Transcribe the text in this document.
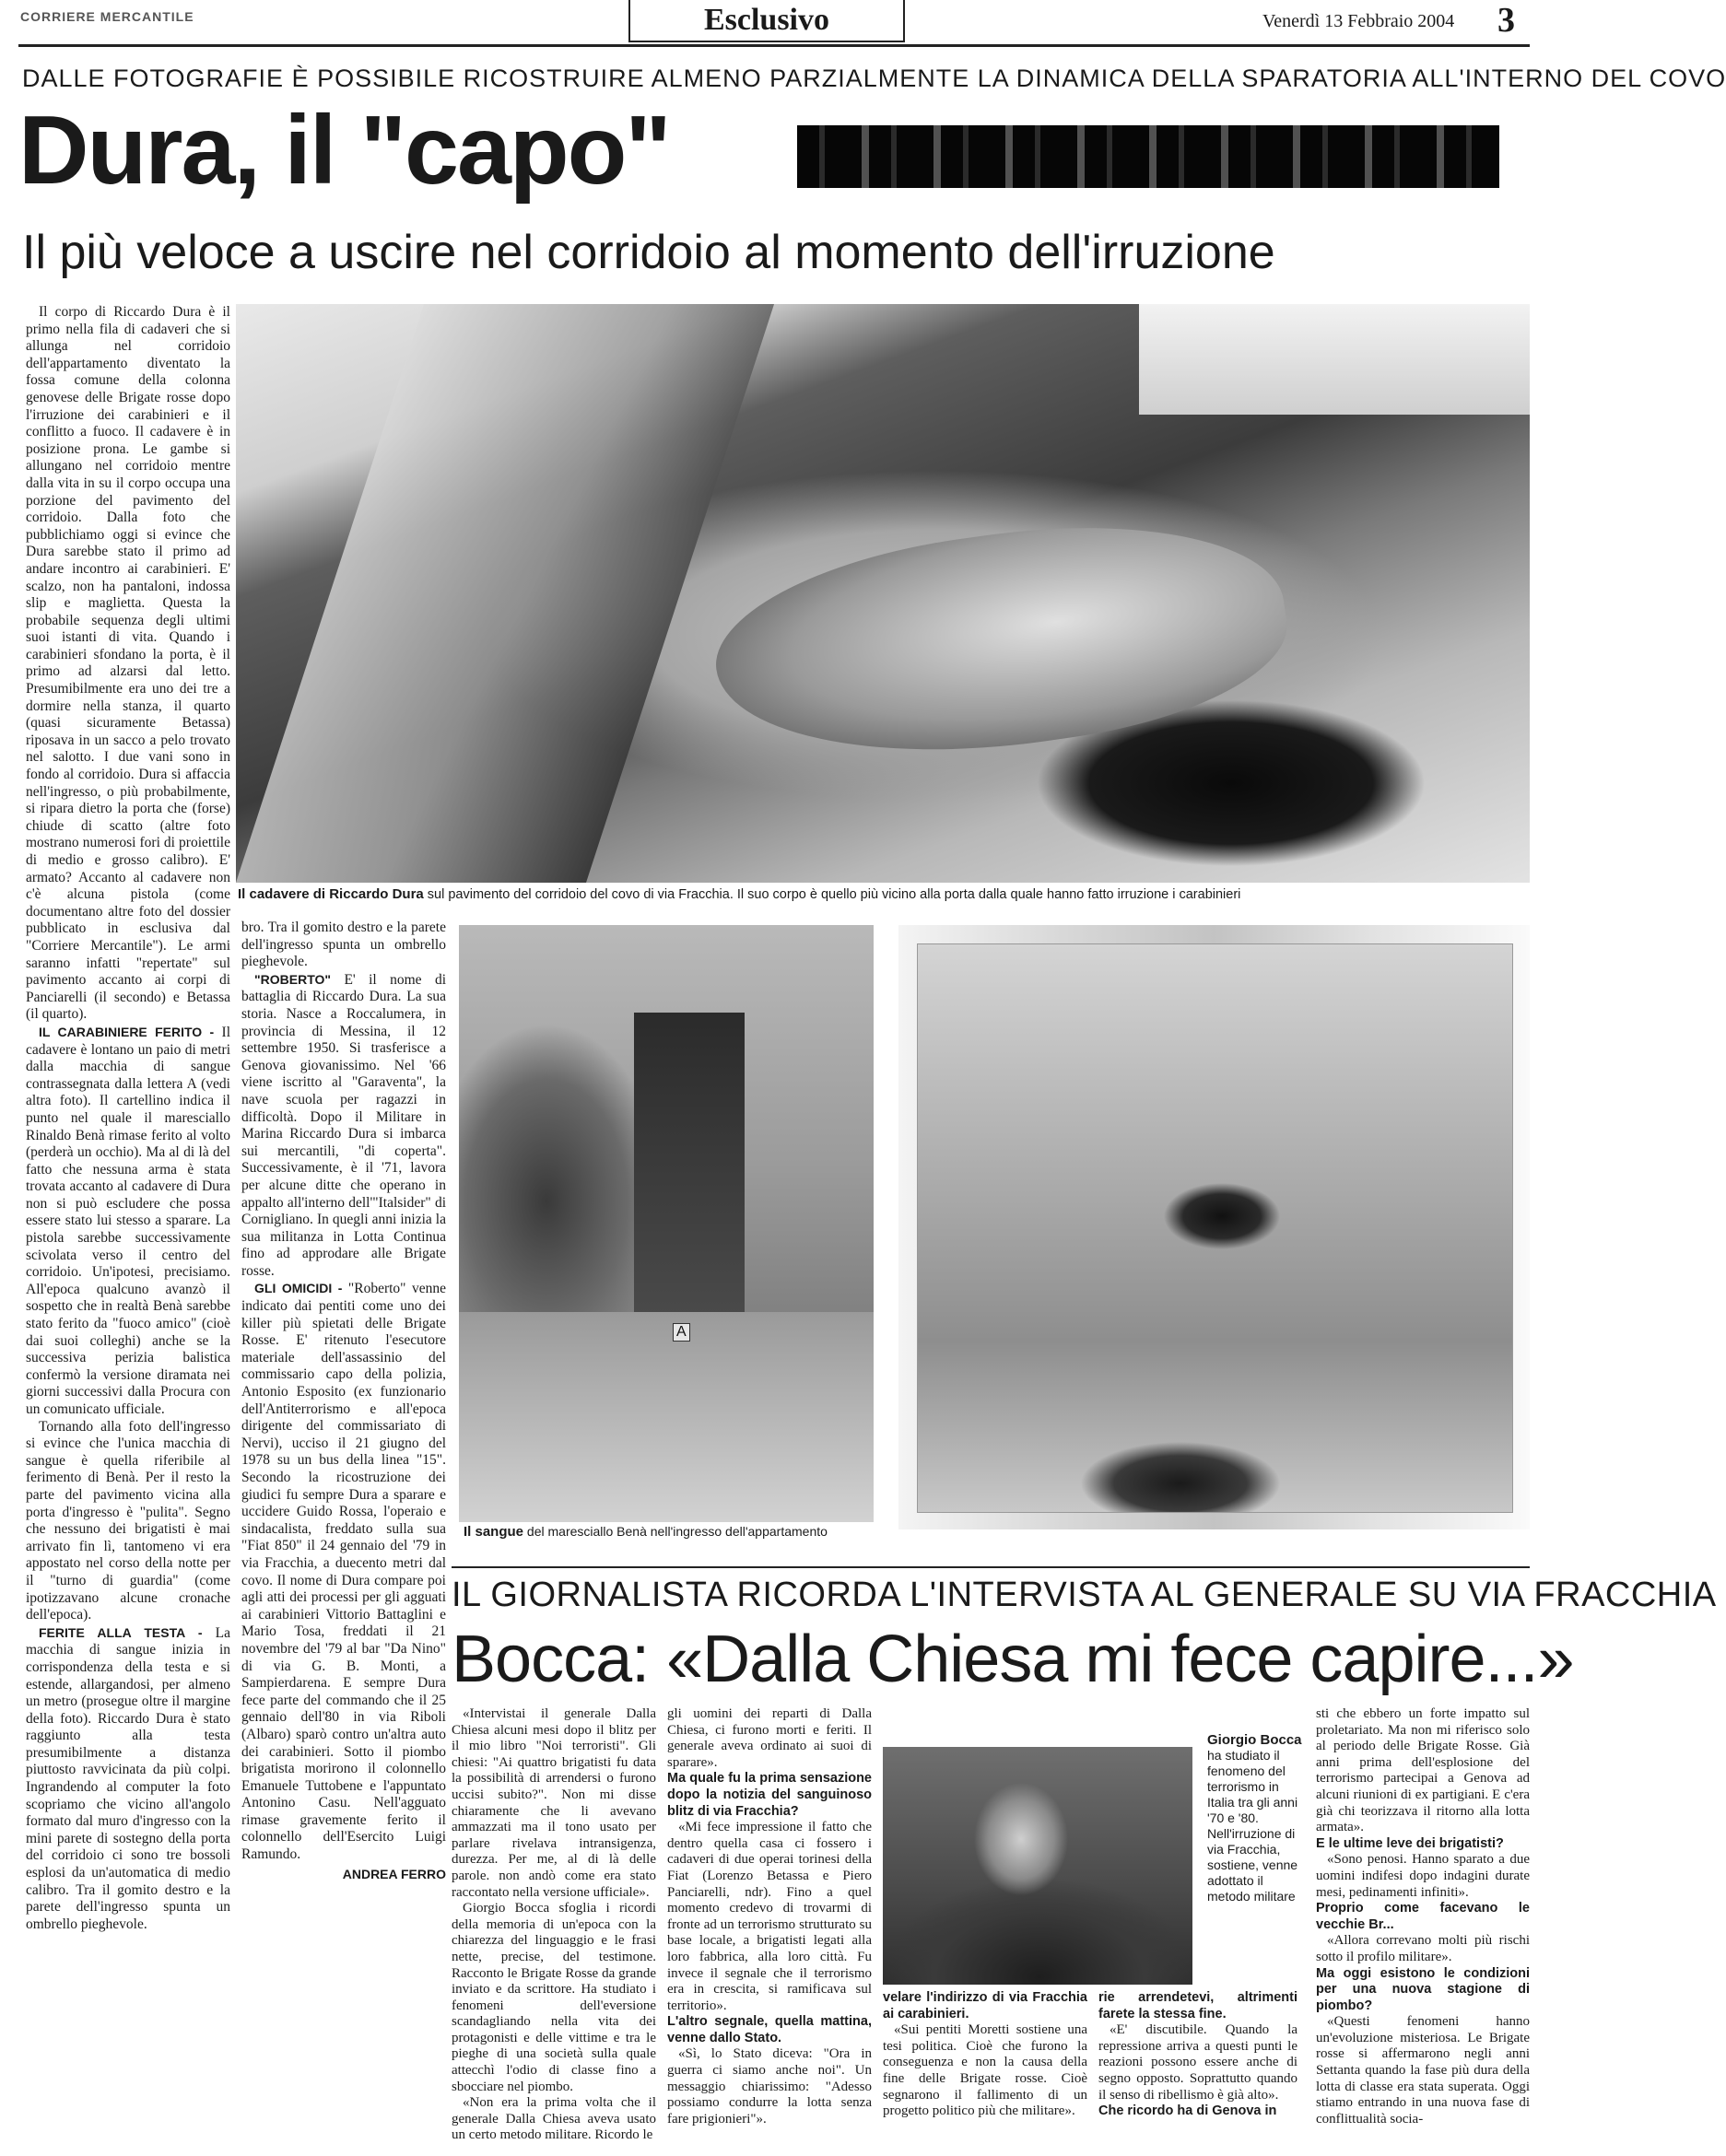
CORRIERE MERCANTILE	Esclusivo	Venerdì 13 Febbraio 2004 3
DALLE FOTOGRAFIE È POSSIBILE RICOSTRUIRE ALMENO PARZIALMENTE LA DINAMICA DELLA SPARATORIA ALL'INTERNO DEL COVO
Dura, il "capo"
Il più veloce a uscire nel corridoio al momento dell'irruzione

Il corpo di Riccardo Dura è il primo nella fila di cadaveri che si allunga nel corridoio dell'appartamento diventato la fossa comune della colonna genovese delle Brigate rosse dopo l'irruzione dei carabinieri e il conflitto a fuoco. Il cadavere è in posizione prona. Le gambe si allungano nel corridoio mentre dalla vita in su il corpo occupa una porzione del pavimento del corridoio. Dalla foto che pubblichiamo oggi si evince che Dura sarebbe stato il primo ad andare incontro ai carabinieri. E' scalzo, non ha pantaloni, indossa slip e maglietta. Questa la probabile sequenza degli ultimi suoi istanti di vita. Quando i carabinieri sfondano la porta, è il primo ad alzarsi dal letto. Presumibilmente era uno dei tre a dormire nella stanza, il quarto (quasi sicuramente Betassa) riposava in un sacco a pelo trovato nel salotto. I due vani sono in fondo al corridoio. Dura si affaccia nell'ingresso, o più probabilmente, si ripara dietro la porta che (forse) chiude di scatto (altre foto mostrano numerosi fori di proiettile di medio e grosso calibro). E' armato? Accanto al cadavere non c'è alcuna pistola (come documentano altre foto del dossier pubblicato in esclusiva dal "Corriere Mercantile"). Le armi saranno infatti "repertate" sul pavimento accanto ai corpi di Panciarelli (il secondo) e Betassa (il quarto).

IL CARABINIERE FERITO - Il cadavere è lontano un paio di metri dalla macchia di sangue contrassegnata dalla lettera A (vedi altra foto). Il cartellino indica il punto nel quale il maresciallo Rinaldo Benà rimase ferito al volto (perderà un occhio). Ma al di là del fatto che nessuna arma è stata trovata accanto al cadavere di Dura non si può escludere che possa essere stato lui stesso a sparare. La pistola sarebbe successivamente scivolata verso il centro del corridoio. Un'ipotesi, precisiamo. All'epoca qualcuno avanzò il sospetto che in realtà Benà sarebbe stato ferito da "fuoco amico" (cioè dai suoi colleghi) anche se la successiva perizia balistica confermò la versione diramata nei giorni successivi dalla Procura con un comunicato ufficiale.

Tornando alla foto dell'ingresso si evince che l'unica macchia di sangue è quella riferibile al ferimento di Benà. Per il resto la parte del pavimento vicina alla porta d'ingresso è "pulita". Segno che nessuno dei brigatisti è mai arrivato fin lì, tantomeno vi era appostato nel corso della notte per il "turno di guardia" (come ipotizzavano alcune cronache dell'epoca).

FERITE ALLA TESTA - La macchia di sangue inizia in corrispondenza della testa e si estende, allargandosi, per almeno un metro (prosegue oltre il margine della foto). Riccardo Dura è stato raggiunto alla testa presumibilmente a distanza piuttosto ravvicinata da più colpi. Ingrandendo al computer la foto scopriamo che vicino all'angolo formato dal muro d'ingresso con la mini parete di sostegno della porta del corridoio ci sono tre bossoli esplosi da un'automatica di medio calibro. Tra il gomito destro e la parete dell'ingresso spunta un ombrello pieghevole.

Il cadavere di Riccardo Dura sul pavimento del corridoio del covo di via Fracchia. Il suo corpo è quello più vicino alla porta dalla quale hanno fatto irruzione i carabinieri

bro. Tra il gomito destro e la parete dell'ingresso spunta un ombrello pieghevole.

"ROBERTO" E' il nome di battaglia di Riccardo Dura. La sua storia. Nasce a Roccalumera, in provincia di Messina, il 12 settembre 1950. Si trasferisce a Genova giovanissimo. Nel '66 viene iscritto al "Garaventa", la nave scuola per ragazzi in difficoltà. Dopo il Militare in Marina Riccardo Dura si imbarca sui mercantili, "di coperta". Successivamente, è il '71, lavora per alcune ditte che operano in appalto all'interno dell'"Italsider" di Cornigliano. In quegli anni inizia la sua militanza in Lotta Continua fino ad approdare alle Brigate rosse.

GLI OMICIDI - "Roberto" venne indicato dai pentiti come uno dei killer più spietati delle Brigate Rosse. E' ritenuto l'esecutore materiale dell'assassinio del commissario capo della polizia, Antonio Esposito (ex funzionario dell'Antiterrorismo e all'epoca dirigente del commissariato di Nervi), ucciso il 21 giugno del 1978 su un bus della linea "15". Secondo la ricostruzione dei giudici fu sempre Dura a sparare e uccidere Guido Rossa, l'operaio e sindacalista, freddato sulla sua "Fiat 850" il 24 gennaio del '79 in via Fracchia, a duecento metri dal covo. Il nome di Dura compare poi agli atti dei processi per gli agguati ai carabinieri Vittorio Battaglini e Mario Tosa, freddati il 21 novembre del '79 al bar "Da Nino" di via G. B. Monti, a Sampierdarena. E sempre Dura fece parte del commando che il 25 gennaio dell'80 in via Riboli (Albaro) sparò contro un'altra auto dei carabinieri. Sotto il piombo brigatista morirono il colonnello Emanuele Tuttobene e l'appuntato Antonino Casu. Nell'agguato rimase gravemente ferito il colonnello dell'Esercito Luigi Ramundo.

ANDREA FERRO
A
Il sangue del maresciallo Benà nell'ingresso dell'appartamento
IL GIORNALISTA RICORDA L'INTERVISTA AL GENERALE SU VIA FRACCHIA
Bocca: «Dalla Chiesa mi fece capire...»

«Intervistai il generale Dalla Chiesa alcuni mesi dopo il blitz per il mio libro "Noi terroristi". Gli chiesi: "Ai quattro brigatisti fu data la possibilità di arrendersi o furono uccisi subito?". Non mi disse chiaramente che li avevano ammazzati ma il tono usato per parlare rivelava intransigenza, durezza. Per me, al di là delle parole. non andò come era stato raccontato nella versione ufficiale».

Giorgio Bocca sfoglia i ricordi della memoria di un'epoca con la chiarezza del linguaggio e le frasi nette, precise, del testimone. Racconto le Brigate Rosse da grande inviato e da scrittore. Ha studiato i fenomeni dell'eversione scandagliando nella vita dei protagonisti e delle vittime e tra le pieghe di una società sulla quale attecchì l'odio di classe fino a sbocciare nel piombo.

«Non era la prima volta che il generale Dalla Chiesa aveva usato un certo metodo militare. Ricordo le

gli uomini dei reparti di Dalla Chiesa, ci furono morti e feriti. Il generale aveva ordinato ai suoi di sparare».

Ma quale fu la prima sensazione dopo la notizia del sanguinoso blitz di via Fracchia?

«Mi fece impressione il fatto che dentro quella casa ci fossero i cadaveri di due operai torinesi della Fiat (Lorenzo Betassa e Piero Panciarelli, ndr). Fino a quel momento credevo di trovarmi di fronte ad un terrorismo strutturato su base locale, a brigatisti legati alla loro fabbrica, alla loro città. Fu invece il segnale che il terrorismo era in crescita, si ramificava sul territorio».

L'altro segnale, quella mattina, venne dallo Stato.

«Sì, lo Stato diceva: "Ora in guerra ci siamo anche noi". Un messaggio chiarissimo: "Adesso possiamo condurre la lotta senza fare prigionieri"».

Giorgio Bocca ha studiato il fenomeno del terrorismo in Italia tra gli anni '70 e '80. Nell'irruzione di via Fracchia, sostiene, venne adottato il metodo militare

velare l'indirizzo di via Fracchia ai carabinieri.

«Sui pentiti Moretti sostiene una tesi politica. Cioè che furono la conseguenza e non la causa della fine delle Brigate rosse. Cioè segnarono il fallimento di un progetto politico più che militare».

rie arrendetevi, altrimenti farete la stessa fine.

«E' discutibile. Quando la repressione arriva a questi punti le reazioni possono essere anche di segno opposto. Soprattutto quando il senso di ribellismo è già alto».

Che ricordo ha di Genova in

sti che ebbero un forte impatto sul proletariato. Ma non mi riferisco solo al periodo delle Brigate Rosse. Già anni prima dell'esplosione del terrorismo partecipai a Genova ad alcuni riunioni di ex partigiani. E c'era già chi teorizzava il ritorno alla lotta armata».

E le ultime leve dei brigatisti?

«Sono penosi. Hanno sparato a due uomini indifesi dopo indagini durate mesi, pedinamenti infiniti».

Proprio come facevano le vecchie Br...

«Allora correvano molti più rischi sotto il profilo militare».

Ma oggi esistono le condizioni per una nuova stagione di piombo?

«Questi fenomeni hanno un'evoluzione misteriosa. Le Brigate rosse si affermarono negli anni Settanta quando la fase più dura della lotta di classe era stata superata. Oggi stiamo entrando in una nuova fase di conflittualità socia-
